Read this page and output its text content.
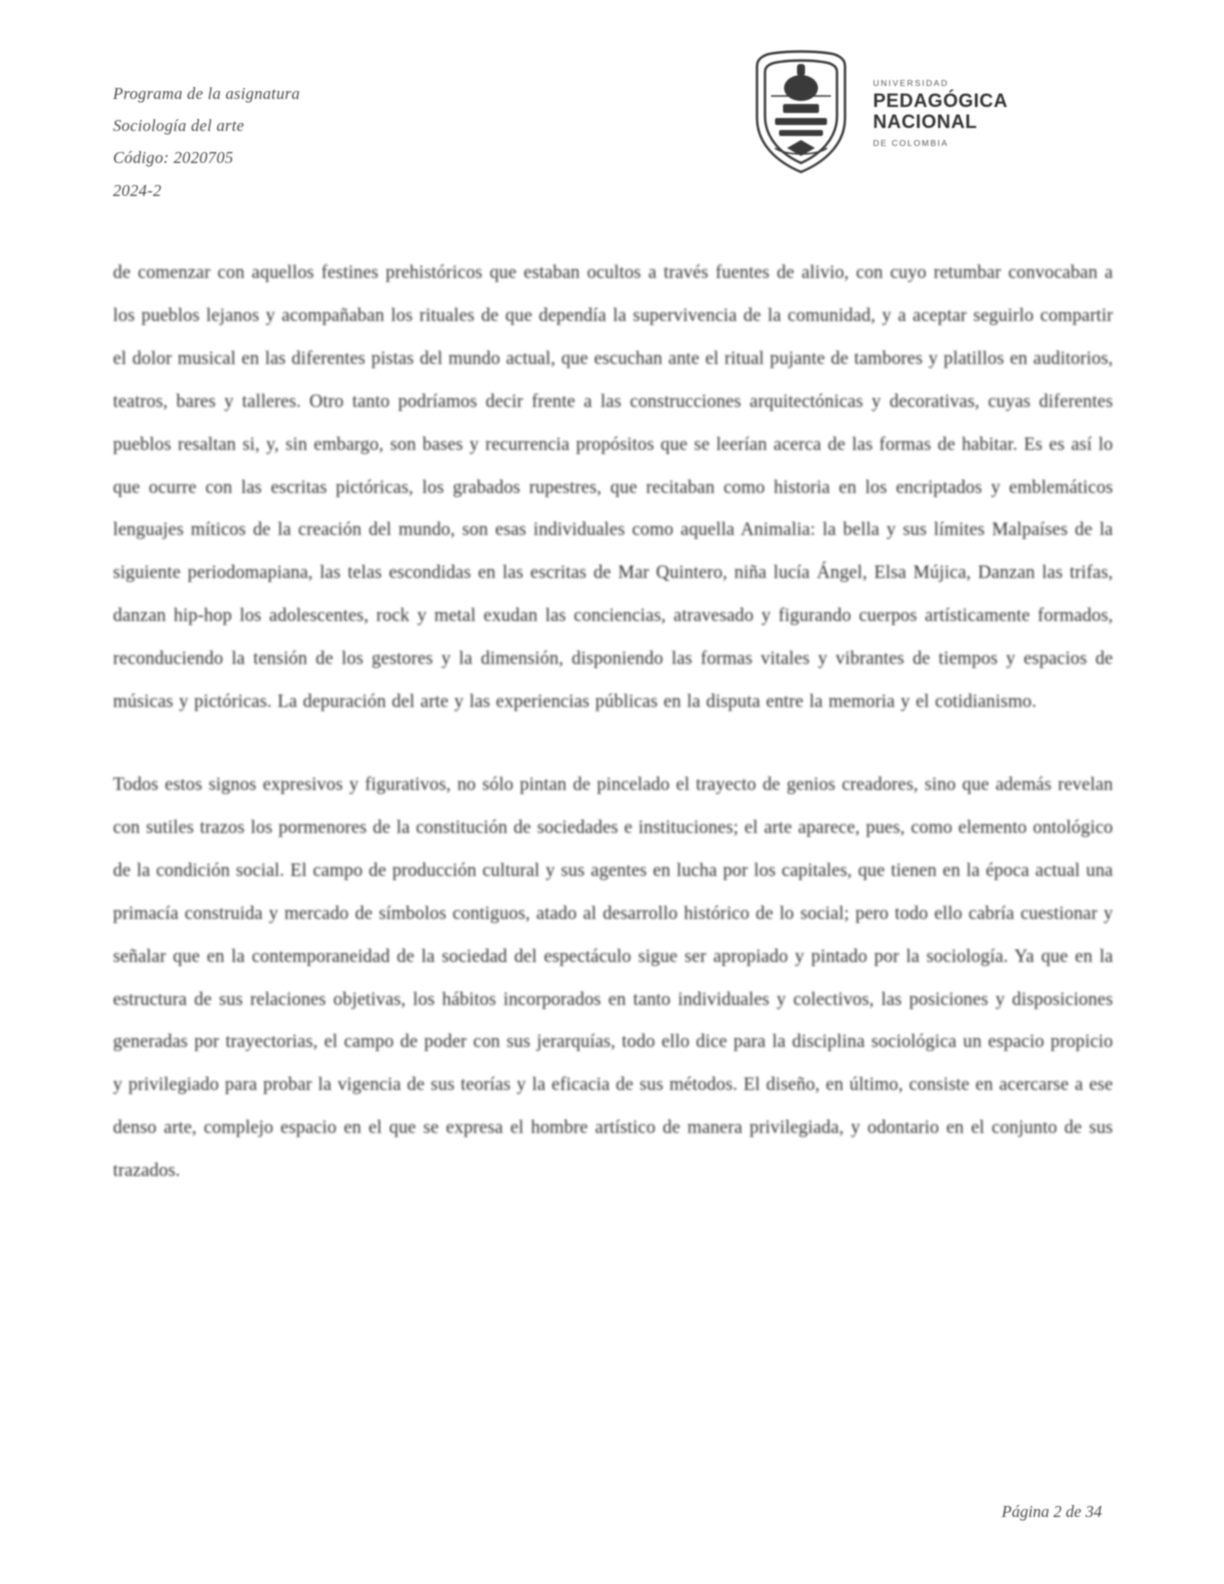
Programa de la asignatura
Sociología del arte
Código: 2020705
2024-2
UNIVERSIDAD
PEDAGÓGICA
NACIONAL
DE COLOMBIA

de comenzar con aquellos festines prehistóricos que estaban ocultos a través fuentes de alivio, con cuyo retumbar convocaban a los pueblos lejanos y acompañaban los rituales de que dependía la supervivencia de la comunidad, y a aceptar seguirlo compartir el dolor musical en las diferentes pistas del mundo actual, que escuchan ante el ritual pujante de tambores y platillos en auditorios, teatros, bares y talleres. Otro tanto podríamos decir frente a las construcciones arquitectónicas y decorativas, cuyas diferentes pueblos resaltan si, y, sin embargo, son bases y recurrencia propósitos que se leerían acerca de las formas de habitar. Es es así lo que ocurre con las escritas pictóricas, los grabados rupestres, que recitaban como historia en los encriptados y emblemáticos lenguajes míticos de la creación del mundo, son esas individuales como aquella Animalia: la bella y sus límites Malpaíses de la siguiente periodomapiana, las telas escondidas en las escritas de Mar Quintero, niña lucía Ángel, Elsa Mújica, Danzan las trifas, danzan hip-hop los adolescentes, rock y metal exudan las conciencias, atravesado y figurando cuerpos artísticamente formados, reconduciendo la tensión de los gestores y la dimensión, disponiendo las formas vitales y vibrantes de tiempos y espacios de músicas y pictóricas. La depuración del arte y las experiencias públicas en la disputa entre la memoria y el cotidianismo.

Todos estos signos expresivos y figurativos, no sólo pintan de pincelado el trayecto de genios creadores, sino que además revelan con sutiles trazos los pormenores de la constitución de sociedades e instituciones; el arte aparece, pues, como elemento ontológico de la condición social. El campo de producción cultural y sus agentes en lucha por los capitales, que tienen en la época actual una primacía construida y mercado de símbolos contiguos, atado al desarrollo histórico de lo social; pero todo ello cabría cuestionar y señalar que en la contemporaneidad de la sociedad del espectáculo sigue ser apropiado y pintado por la sociología. Ya que en la estructura de sus relaciones objetivas, los hábitos incorporados en tanto individuales y colectivos, las posiciones y disposiciones generadas por trayectorias, el campo de poder con sus jerarquías, todo ello dice para la disciplina sociológica un espacio propicio y privilegiado para probar la vigencia de sus teorías y la eficacia de sus métodos. El diseño, en último, consiste en acercarse a ese denso arte, complejo espacio en el que se expresa el hombre artístico de manera privilegiada, y odontario en el conjunto de sus trazados.

Página 2 de 34
